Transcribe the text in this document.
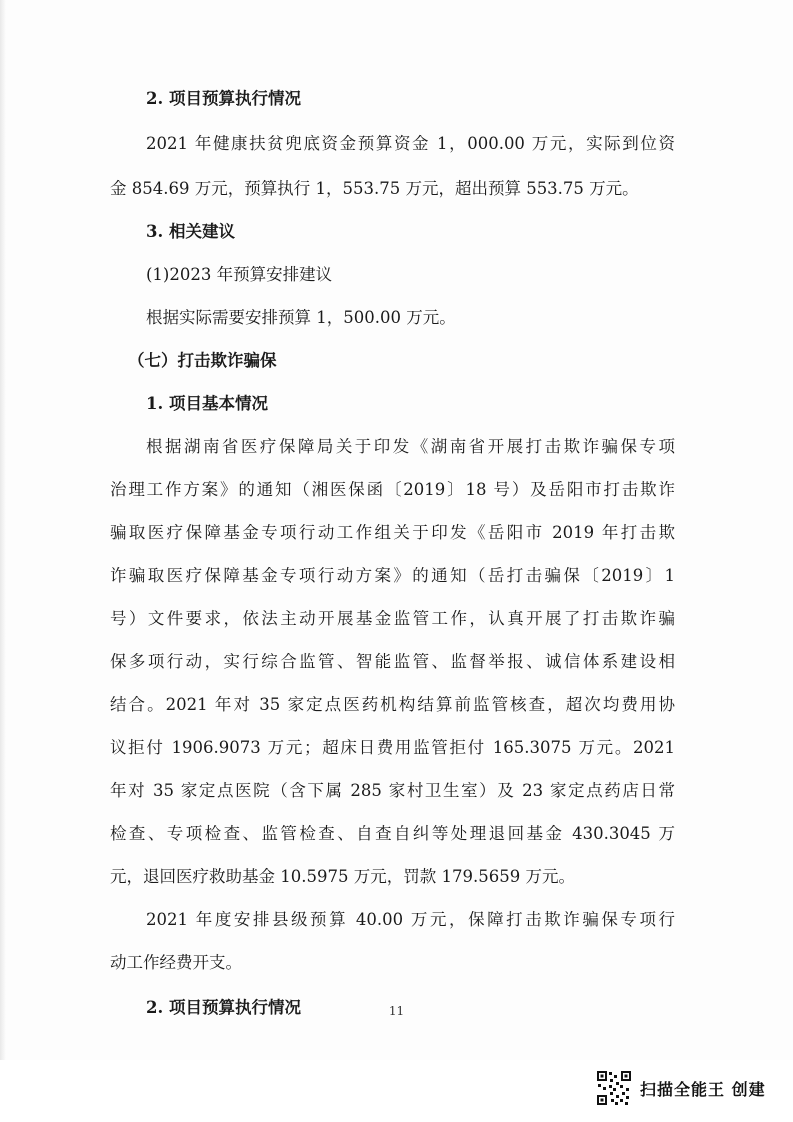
2. 项目预算执行情况
2021 年健康扶贫兜底资金预算资金 1，000.00 万元，实际到位资
金 854.69 万元，预算执行 1，553.75 万元，超出预算 553.75 万元。
3. 相关建议
(1)2023 年预算安排建议
根据实际需要安排预算 1，500.00 万元。
（七）打击欺诈骗保
1. 项目基本情况
根据湖南省医疗保障局关于印发《湖南省开展打击欺诈骗保专项
治理工作方案》的通知（湘医保函〔2019〕18 号）及岳阳市打击欺诈
骗取医疗保障基金专项行动工作组关于印发《岳阳市 2019 年打击欺
诈骗取医疗保障基金专项行动方案》的通知（岳打击骗保〔2019〕1
号）文件要求，依法主动开展基金监管工作，认真开展了打击欺诈骗
保多项行动，实行综合监管、智能监管、监督举报、诚信体系建设相
结合。2021 年对 35 家定点医药机构结算前监管核查，超次均费用协
议拒付 1906.9073 万元；超床日费用监管拒付 165.3075 万元。2021
年对 35 家定点医院（含下属 285 家村卫生室）及 23 家定点药店日常
检查、专项检查、监管检查、自查自纠等处理退回基金 430.3045 万
元，退回医疗救助基金 10.5975 万元，罚款 179.5659 万元。
2021 年度安排县级预算 40.00 万元，保障打击欺诈骗保专项行
动工作经费开支。
2. 项目预算执行情况	11
扫描全能王 创建
